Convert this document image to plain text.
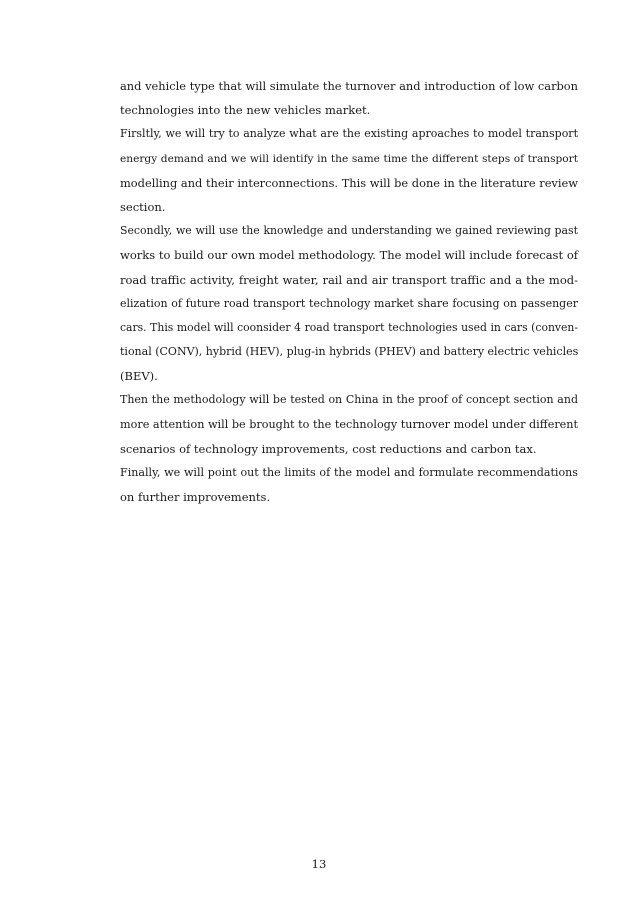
and vehicle type that will simulate the turnover and introduction of low carbon
technologies into the new vehicles market.
Firsltly, we will try to analyze what are the existing aproaches to model transport
energy demand and we will identify in the same time the different steps of transport
modelling and their interconnections. This will be done in the literature review
section.
Secondly, we will use the knowledge and understanding we gained reviewing past
works to build our own model methodology. The model will include forecast of
road traffic activity, freight water, rail and air transport traffic and a the mod-
elization of future road transport technology market share focusing on passenger
cars. This model will coonsider 4 road transport technologies used in cars (conven-
tional (CONV), hybrid (HEV), plug-in hybrids (PHEV) and battery electric vehicles
(BEV).
Then the methodology will be tested on China in the proof of concept section and
more attention will be brought to the technology turnover model under different
scenarios of technology improvements, cost reductions and carbon tax.
Finally, we will point out the limits of the model and formulate recommendations
on further improvements.
13
